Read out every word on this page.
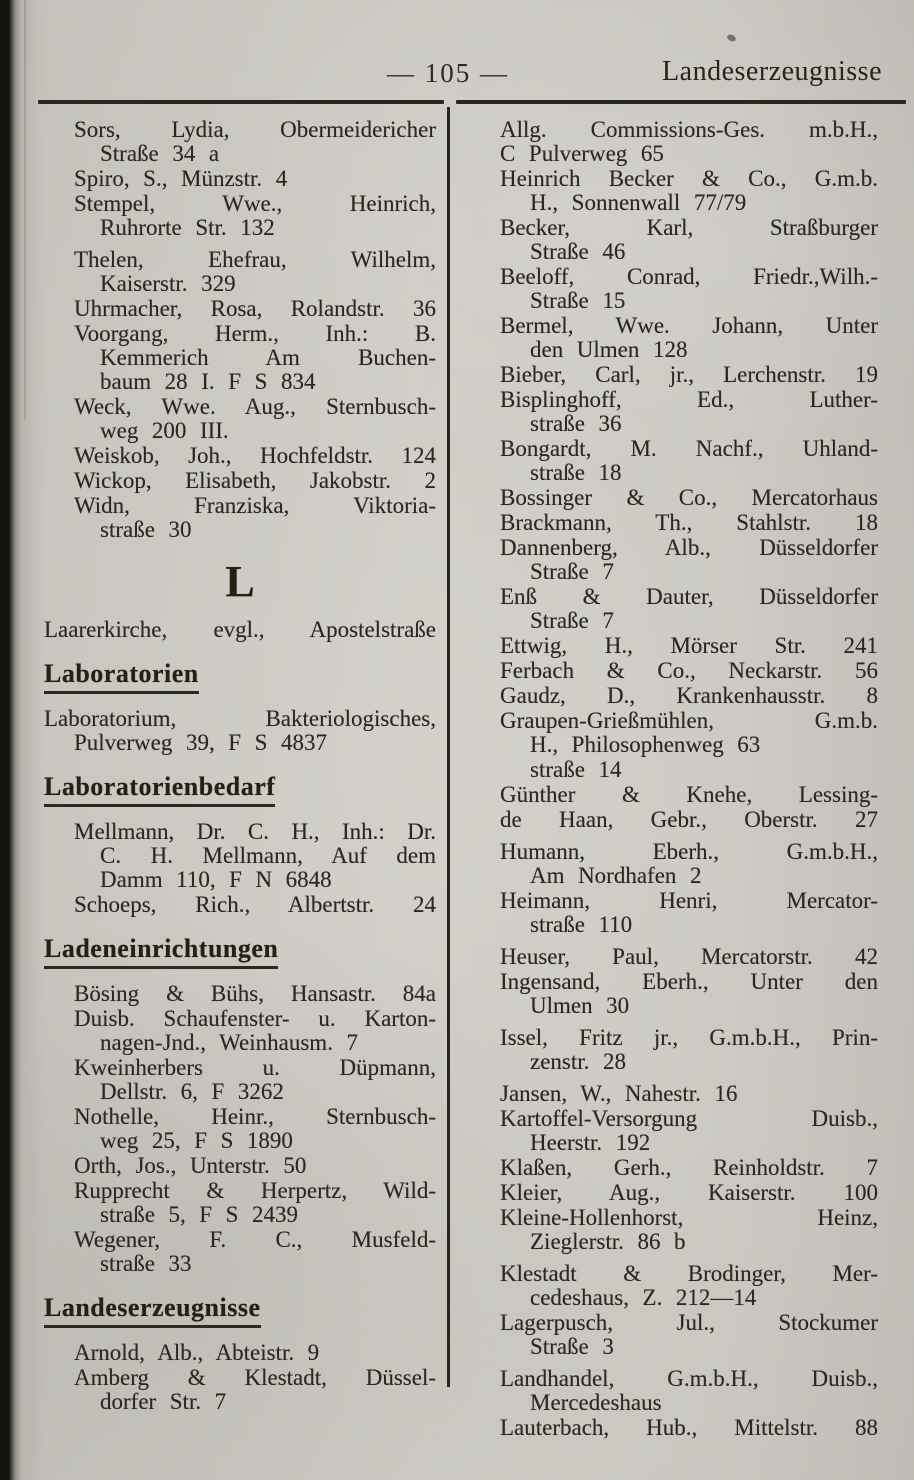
— 105 —	Landeserzeugnisse
Sors, Lydia, Obermeidericher
Straße 34 a
Spiro, S., Münzstr. 4
Stempel, Wwe., Heinrich,
Ruhrorte Str. 132
Thelen, Ehefrau, Wilhelm,
Kaiserstr. 329
Uhrmacher, Rosa, Rolandstr. 36
Voorgang, Herm., Inh.: B.
Kemmerich Am Buchen-
baum 28 I. F S 834
Weck, Wwe. Aug., Sternbusch-
weg 200 III.
Weiskob, Joh., Hochfeldstr. 124
Wickop, Elisabeth, Jakobstr. 2
Widn, Franziska, Viktoria-
straße 30
L
Laarerkirche, evgl., Apostelstraße
Laboratorien
Laboratorium, Bakteriologisches,
Pulverweg 39, F S 4837
Laboratorienbedarf
Mellmann, Dr. C. H., Inh.: Dr.
C. H. Mellmann, Auf dem
Damm 110, F N 6848
Schoeps, Rich., Albertstr. 24
Ladeneinrichtungen
Bösing & Bühs, Hansastr. 84a
Duisb. Schaufenster- u. Karton-
nagen-Jnd., Weinhausm. 7
Kweinherbers u. Düpmann,
Dellstr. 6, F 3262
Nothelle, Heinr., Sternbusch-
weg 25, F S 1890
Orth, Jos., Unterstr. 50
Rupprecht & Herpertz, Wild-
straße 5, F S 2439
Wegener, F. C., Musfeld-
straße 33
Landeserzeugnisse
Arnold, Alb., Abteistr. 9
Amberg & Klestadt, Düssel-
dorfer Str. 7
Allg. Commissions-Ges. m.b.H.,
C Pulverweg 65
Heinrich Becker & Co., G.m.b.
H., Sonnenwall 77/79
Becker, Karl, Straßburger
Straße 46
Beeloff, Conrad, Friedr.,Wilh.-
Straße 15
Bermel, Wwe. Johann, Unter
den Ulmen 128
Bieber, Carl, jr., Lerchenstr. 19
Bisplinghoff, Ed., Luther-
straße 36
Bongardt, M. Nachf., Uhland-
straße 18
Bossinger & Co., Mercatorhaus
Brackmann, Th., Stahlstr. 18
Dannenberg, Alb., Düsseldorfer
Straße 7
Enß & Dauter, Düsseldorfer
Straße 7
Ettwig, H., Mörser Str. 241
Ferbach & Co., Neckarstr. 56
Gaudz, D., Krankenhausstr. 8
Graupen-Grießmühlen, G.m.b.
H., Philosophenweg 63
straße 14
Günther & Knehe, Lessing-
de Haan, Gebr., Oberstr. 27
Humann, Eberh., G.m.b.H.,
Am Nordhafen 2
Heimann, Henri, Mercator-
straße 110
Heuser, Paul, Mercatorstr. 42
Ingensand, Eberh., Unter den
Ulmen 30
Issel, Fritz jr., G.m.b.H., Prin-
zenstr. 28
Jansen, W., Nahestr. 16
Kartoffel-Versorgung Duisb.,
Heerstr. 192
Klaßen, Gerh., Reinholdstr. 7
Kleier, Aug., Kaiserstr. 100
Kleine-Hollenhorst, Heinz,
Zieglerstr. 86 b
Klestadt & Brodinger, Mer-
cedeshaus, Z. 212—14
Lagerpusch, Jul., Stockumer
Straße 3
Landhandel, G.m.b.H., Duisb.,
Mercedeshaus
Lauterbach, Hub., Mittelstr. 88
